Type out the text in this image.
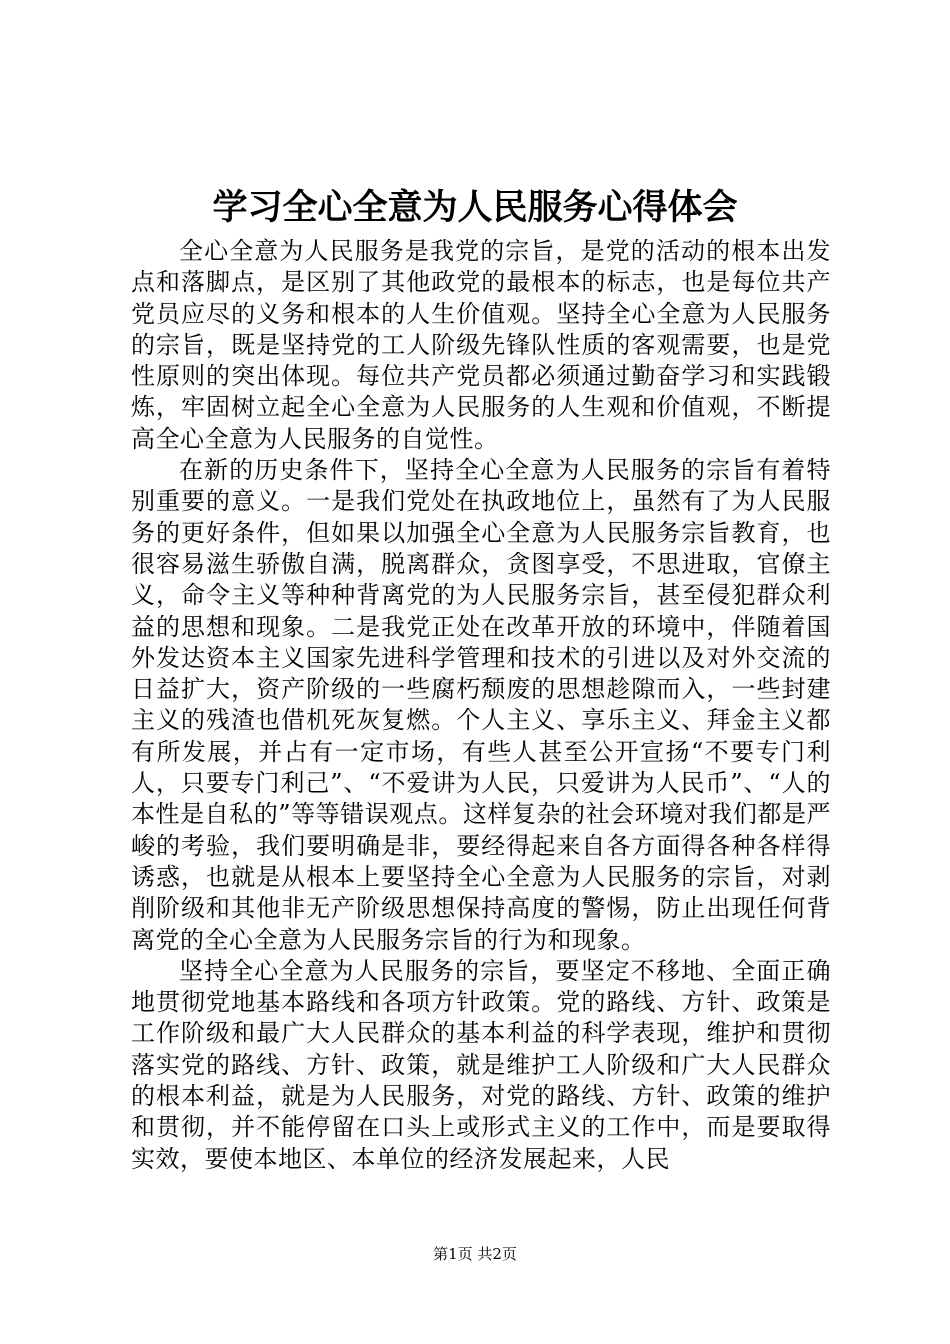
学习全心全意为人民服务心得体会

全心全意为人民服务是我党的宗旨，是党的活动的根本出发点和落脚点，是区别了其他政党的最根本的标志，也是每位共产党员应尽的义务和根本的人生价值观。坚持全心全意为人民服务的宗旨，既是坚持党的工人阶级先锋队性质的客观需要，也是党性原则的突出体现。每位共产党员都必须通过勤奋学习和实践锻炼，牢固树立起全心全意为人民服务的人生观和价值观，不断提高全心全意为人民服务的自觉性。

在新的历史条件下，坚持全心全意为人民服务的宗旨有着特别重要的意义。一是我们党处在执政地位上，虽然有了为人民服务的更好条件，但如果以加强全心全意为人民服务宗旨教育，也很容易滋生骄傲自满，脱离群众，贪图享受，不思进取，官僚主义，命令主义等种种背离党的为人民服务宗旨，甚至侵犯群众利益的思想和现象。二是我党正处在改革开放的环境中，伴随着国外发达资本主义国家先进科学管理和技术的引进以及对外交流的日益扩大，资产阶级的一些腐朽颓废的思想趁隙而入，一些封建主义的残渣也借机死灰复燃。个人主义、享乐主义、拜金主义都有所发展，并占有一定市场，有些人甚至公开宣扬“不要专门利人，只要专门利己”、“不爱讲为人民，只爱讲为人民币”、“人的本性是自私的”等等错误观点。这样复杂的社会环境对我们都是严峻的考验，我们要明确是非，要经得起来自各方面得各种各样得诱惑，也就是从根本上要坚持全心全意为人民服务的宗旨，对剥削阶级和其他非无产阶级思想保持高度的警惕，防止出现任何背离党的全心全意为人民服务宗旨的行为和现象。

坚持全心全意为人民服务的宗旨，要坚定不移地、全面正确地贯彻党地基本路线和各项方针政策。党的路线、方针、政策是工作阶级和最广大人民群众的基本利益的科学表现，维护和贯彻落实党的路线、方针、政策，就是维护工人阶级和广大人民群众的根本利益，就是为人民服务，对党的路线、方针、政策的维护和贯彻，并不能停留在口头上或形式主义的工作中，而是要取得实效，要使本地区、本单位的经济发展起来，人民

第1页 共2页
